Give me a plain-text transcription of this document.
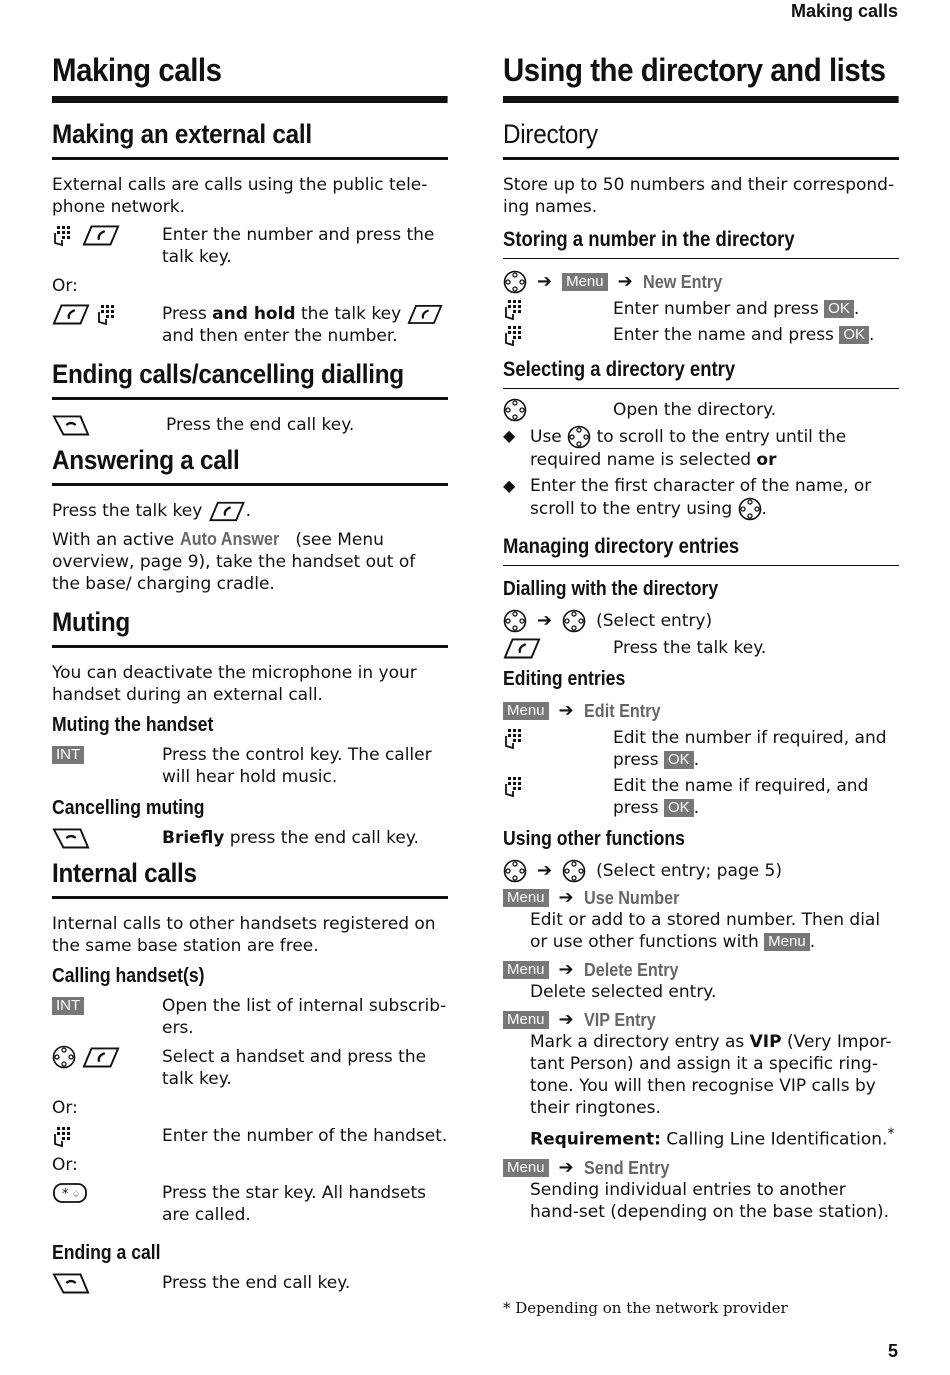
Making calls
Making calls
Making an external call

External calls are calls using the public tele-phone network.

Enter the number and press the talk key.

Or:

Press and hold the talk key  and then enter the number.
Ending calls/cancelling dialling
Press the end call key.
Answering a call

Press the talk key	.

With an active Auto Answer (see Menu overview, page 9), take the handset out of the base/ charging cradle.

Muting

You can deactivate the microphone in your handset during an external call.

Muting the handset
INT	Press the control key. The caller will hear hold music.
Cancelling muting
Briefly press the end call key.
Internal calls

Internal calls to other handsets registered on the same base station are free.

Calling handset(s)
INT	Open the list of internal subscrib-ers.
Select a handset and press the talk key.

Or:

Enter the number of the handset.

Or:

Press the star key. All handsets are called.
Ending a call
Press the end call key.
Using the directory and lists
Directory

Store up to 50 numbers and their correspond-ing names.

Storing a number in the directory
➔ Menu ➔ New Entry
Enter number and press OK .
Enter the name and press OK .
Selecting a directory entry
Open the directory.
◆ Use to scroll to the entry until the required name is selected or
◆ Enter the first character of the name, or scroll to the entry using .
Managing directory entries
Dialling with the directory
➔	(Select entry)
Press the talk key.
Editing entries
Menu ➔ Edit Entry
Edit the number if required, and press OK .
Edit the name if required, and press OK .
Using other functions
➔	(Select entry; page 5)
Menu ➔ Use Number

Edit or add to a stored number. Then dial or use other functions with Menu .

Menu ➔ Delete Entry

Delete selected entry.

Menu ➔ VIP Entry

Mark a directory entry as VIP (Very Impor-tant Person) and assign it a specific ring-tone. You will then recognise VIP calls by their ringtones.

Requirement: Calling Line Identification.*

Menu ➔ Send Entry

Sending individual entries to another hand-set (depending on the base station).

* Depending on the network provider
5
